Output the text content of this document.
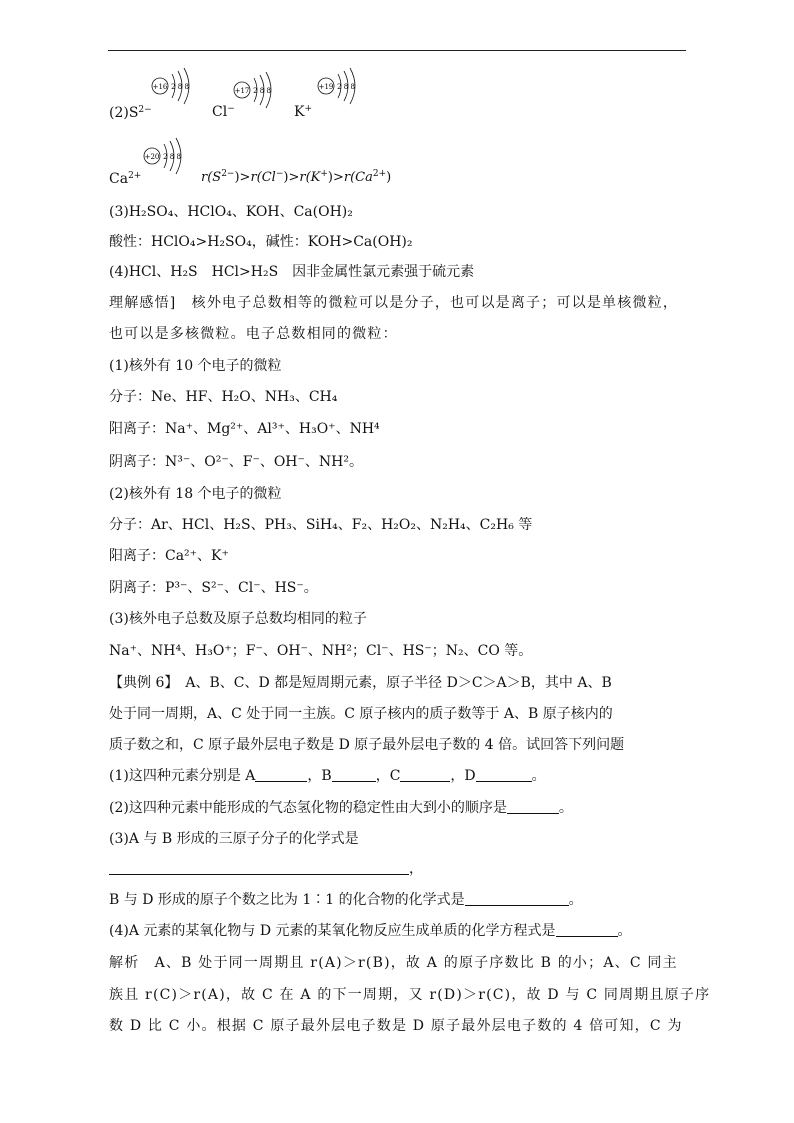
$(2)S^{2-}$	Cl−	K+
+16 2 8 8	+17 2 8 8	+19 2 8 8
+20 2 8 8
$Ca^{2+}$	$r(S^{2-})>r(Cl^-)>r(K^+)>r(Ca^{2+})$
(3)H₂SO₄、HClO₄、KOH、Ca(OH)₂
酸性：HClO₄>H₂SO₄，碱性：KOH>Ca(OH)₂
(4)HCl、H₂S　HCl>H₂S　因非金属性氯元素强于硫元素
理解感悟]　核外电子总数相等的微粒可以是分子，也可以是离子；可以是单核微粒，
也可以是多核微粒。电子总数相同的微粒：
(1)核外有 10 个电子的微粒
分子：Ne、HF、H₂O、NH₃、CH₄
阳离子：Na⁺、Mg²⁺、Al³⁺、H₃O⁺、NH⁴
阴离子：N³⁻、O²⁻、F⁻、OH⁻、NH²。
(2)核外有 18 个电子的微粒
分子：Ar、HCl、H₂S、PH₃、SiH₄、F₂、H₂O₂、N₂H₄、C₂H₆ 等
阳离子：Ca²⁺、K⁺
阴离子：P³⁻、S²⁻、Cl⁻、HS⁻。
(3)核外电子总数及原子总数均相同的粒子
Na⁺、NH⁴、H₃O⁺；F⁻、OH⁻、NH²；Cl⁻、HS⁻；N₂、CO 等。
【典例 6】　A、B、C、D 都是短周期元素，原子半径 D＞C＞A＞B，其中 A、B
处于同一周期，A、C 处于同一主族。C 原子核内的质子数等于 A、B 原子核内的
质子数之和，C 原子最外层电子数是 D 原子最外层电子数的 4 倍。试回答下列问题
(1)这四种元素分别是 A	，B	，C	，D	。
(2)这四种元素中能形成的气态氢化物的稳定性由大到小的顺序是	。
(3)A 与 B 形成的三原子分子的化学式是
，
B 与 D 形成的原子个数之比为 1∶1 的化合物的化学式是	。
(4)A 元素的某氧化物与 D 元素的某氧化物反应生成单质的化学方程式是	。
解析　A、B 处于同一周期且 r(A)＞r(B)，故 A 的原子序数比 B 的小；A、C 同主
族且 r(C)＞r(A)，故 C 在 A 的下一周期，又 r(D)＞r(C)，故 D 与 C 同周期且原子序
数 D 比 C 小。根据 C 原子最外层电子数是 D 原子最外层电子数的 4 倍可知，C 为
